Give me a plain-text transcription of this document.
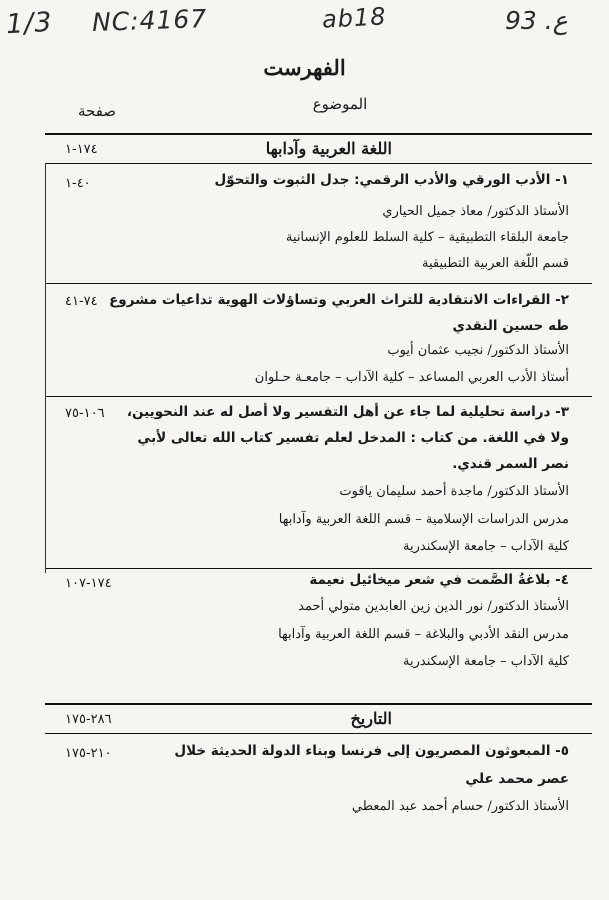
1/3 NC:4167	ab18	93 .ع
الفهرست
الموضوع
صفحة
اللغة العربية وآدابها
١٧٤-١
١- الأدب الورقي والأدب الرقمي: جدل الثبوت والتحوّل
٤٠-١
الأستاذ الدكتور/ معاذ جميل الحياري
جامعة البلقاء التطبيقية – كلية السلط للعلوم الإنسانية
قسم اللّغة العربية التطبيقية
٢- القراءات الانتقادية للتراث العربي وتساؤلات الهوية تداعيات مشروع
٧٤-٤١
طه حسين النقدي
الأستاذ الدكتور/ نجيب عثمان أيوب
أستاذ الأدب العربي المساعد – كلية الآداب – جامعـة حـلوان
٣- دراسة تحليلية لما جاء عن أهل التفسير ولا أصل له عند النحويين،
١٠٦-٧٥
ولا في اللغة. من كتاب : المدخل لعلم تفسير كتاب الله تعالى لأبي
نصر السمر قندي.
الأستاذ الدكتور/ ماجدة أحمد سليمان ياقوت
مدرس الدراسات الإسلامية – قسم اللغة العربية وآدابها
كلية الآداب – جامعة الإسكندرية
٤- بلاغةُ الصَّمت في شعر ميخائيل نعيمة
١٧٤-١٠٧
الأستاذ الدكتور/ نور الدين زين العابدين متولي أحمد
مدرس النقد الأدبي والبلاغة – قسم اللغة العربية وآدابها
كلية الآداب – جامعة الإسكندرية
التاريخ
٢٨٦-١٧٥
٥- المبعوثون المصريون إلى فرنسا وبناء الدولة الحديثة خلال
٢١٠-١٧٥
عصر محمد علي
الأستاذ الدكتور/ حسام أحمد عبد المعطي
